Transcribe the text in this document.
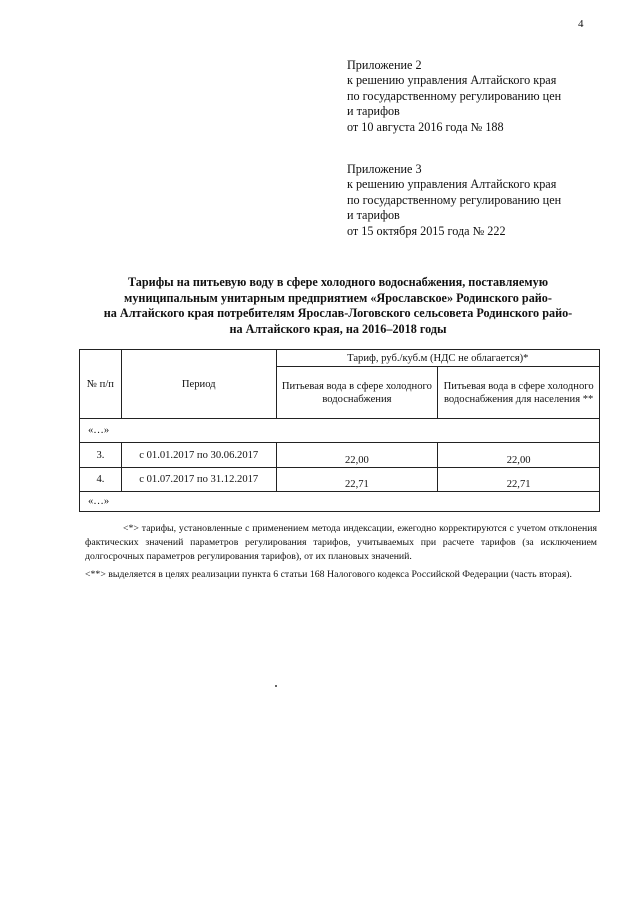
4
Приложение 2
к решению управления Алтайского края
по государственному регулированию цен
и тарифов
от 10 августа 2016 года № 188
Приложение 3
к решению управления Алтайского края
по государственному регулированию цен
и тарифов
от 15 октября 2015 года № 222
Тарифы на питьевую воду в сфере холодного водоснабжения, поставляемую
муниципальным унитарным предприятием «Ярославское» Родинского райо-
на Алтайского края потребителям Ярослав-Логовского сельсовета Родинского райо-
на Алтайского края, на 2016–2018 годы
№ п/п	Период	Тариф, руб./куб.м (НДС не облагается)*	
		Питьевая вода в сфере холодного водоснабжения	Питьевая вода в сфере холодного водоснабжения для населения **
«…»			
3.	с 01.01.2017 по 30.06.2017	22,00	22,00
4.	с 01.07.2017 по 31.12.2017	22,71	22,71
«…»			

<*> тарифы, установленные с применением метода индексации, ежегодно корректируются с учетом отклонения фактических значений параметров регулирования тарифов, учитываемых при расчете тарифов (за исключением долгосрочных параметров регулирования тарифов), от их плановых значений.

<**> выделяется в целях реализации пункта 6 статьи 168 Налогового кодекса Российской Федерации (часть вторая).
